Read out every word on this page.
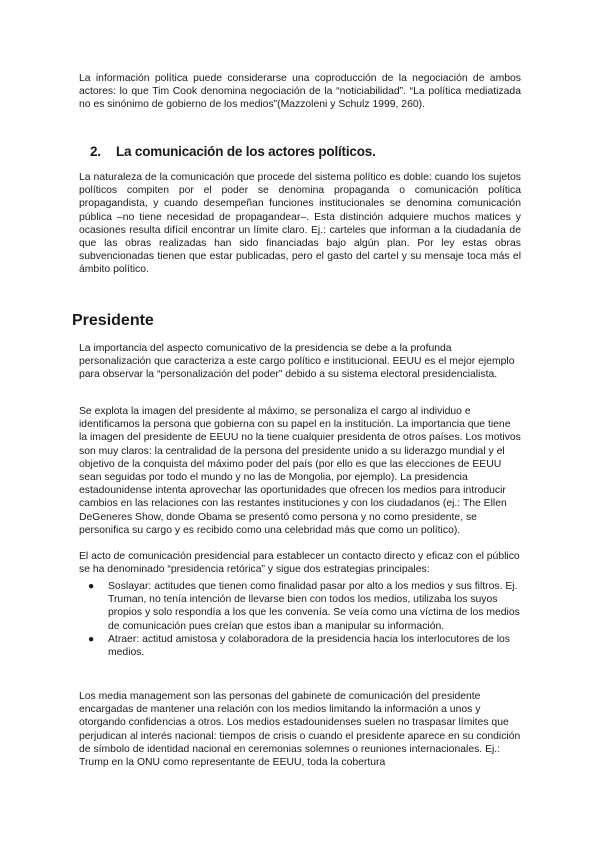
La información política puede considerarse una coproducción de la negociación de ambos actores: lo que Tim Cook denomina negociación de la “noticiabilidad”. “La política mediatizada no es sinónimo de gobierno de los medios”(Mazzoleni y Schulz 1999, 260).

2. La comunicación de los actores políticos.

La naturaleza de la comunicación que procede del sistema político es doble: cuando los sujetos políticos compiten por el poder se denomina propaganda o comunicación política propagandista, y cuando desempeñan funciones institucionales se denomina comunicación pública –no tiene necesidad de propagandear–. Esta distinción adquiere muchos matices y ocasiones resulta difícil encontrar un límite claro. Ej.: carteles que informan a la ciudadanía de que las obras realizadas han sido financiadas bajo algún plan. Por ley estas obras subvencionadas tienen que estar publicadas, pero el gasto del cartel y su mensaje toca más el ámbito político.

Presidente

La importancia del aspecto comunicativo de la presidencia se debe a la profunda personalización que caracteriza a este cargo político e institucional. EEUU es el mejor ejemplo para observar la “personalización del poder” debido a su sistema electoral presidencialista.

Se explota la imagen del presidente al máximo, se personaliza el cargo al individuo e identificamos la persona que gobierna con su papel en la institución. La importancia que tiene la imagen del presidente de EEUU no la tiene cualquier presidenta de otros países. Los motivos son muy claros: la centralidad de la persona del presidente unido a su liderazgo mundial y el objetivo de la conquista del máximo poder del país (por ello es que las elecciones de EEUU sean seguidas por todo el mundo y no las de Mongolia, por ejemplo). La presidencia estadounidense intenta aprovechar las oportunidades que ofrecen los medios para introducir cambios en las relaciones con las restantes instituciones y con los ciudadanos (ej.: The Ellen DeGeneres Show, donde Obama se presentó como persona y no como presidente, se personifica su cargo y es recibido como una celebridad más que como un político).

El acto de comunicación presidencial para establecer un contacto directo y eficaz con el público se ha denominado “presidencia retórica” y sigue dos estrategias principales:

● Soslayar: actitudes que tienen como finalidad pasar por alto a los medios y sus filtros. Ej. Truman, no tenía intención de llevarse bien con todos los medios, utilizaba los suyos propios y solo respondía a los que les convenía. Se veía como una víctima de los medios de comunicación pues creían que estos iban a manipular su información.
● Atraer: actitud amistosa y colaboradora de la presidencia hacia los interlocutores de los medios.

Los media management son las personas del gabinete de comunicación del presidente encargadas de mantener una relación con los medios limitando la información a unos y otorgando confidencias a otros. Los medios estadounidenses suelen no traspasar límites que perjudican al interés nacional: tiempos de crisis o cuando el presidente aparece en su condición de símbolo de identidad nacional en ceremonias solemnes o reuniones internacionales. Ej.: Trump en la ONU como representante de EEUU, toda la cobertura
